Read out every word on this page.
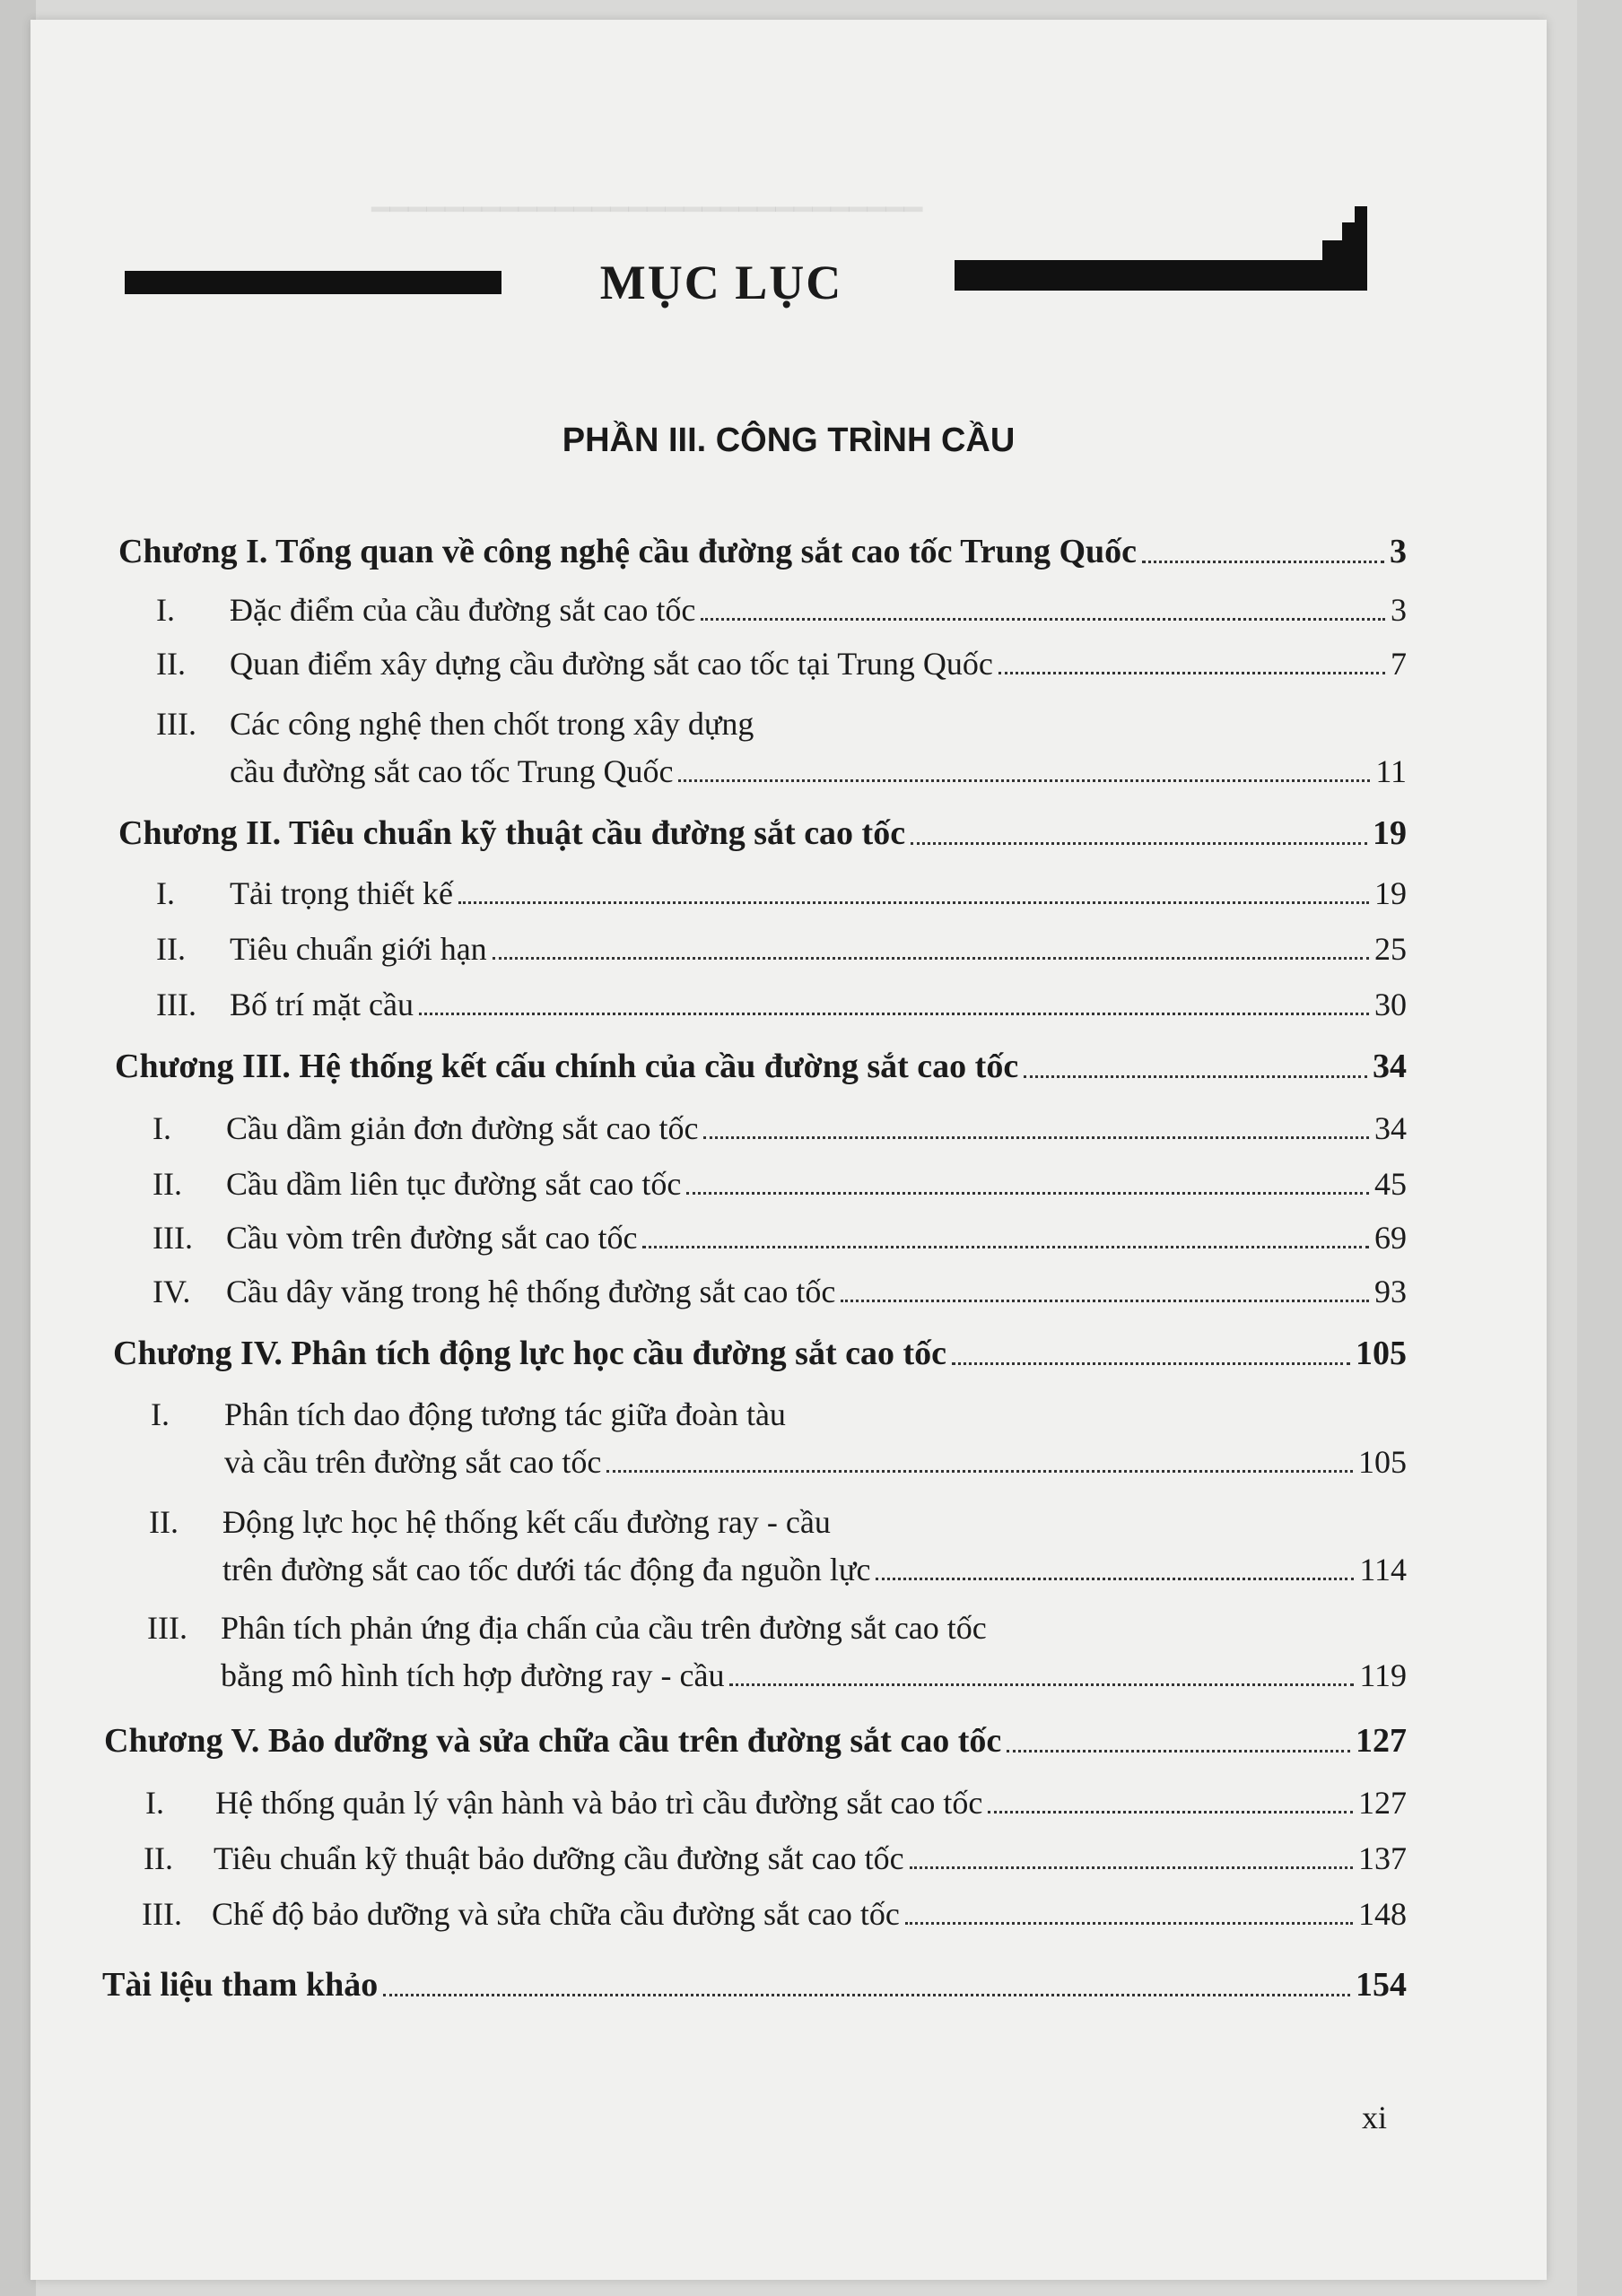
━━━━━━━━━━━━━━━━━━━━━━━━━━━━━━
MỤC LỤC
PHẦN III. CÔNG TRÌNH CẦU
Chương I. Tổng quan về công nghệ cầu đường sắt cao tốc Trung Quốc	3
I.	Đặc điểm của cầu đường sắt cao tốc	3
II.	Quan điểm xây dựng cầu đường sắt cao tốc tại Trung Quốc	7
III. Các công nghệ then chốt trong xây dựng
cầu đường sắt cao tốc Trung Quốc	11
Chương II. Tiêu chuẩn kỹ thuật cầu đường sắt cao tốc	19
I.	Tải trọng thiết kế	19
II.	Tiêu chuẩn giới hạn	25
III.	Bố trí mặt cầu	30
Chương III. Hệ thống kết cấu chính của cầu đường sắt cao tốc	34
I.	Cầu dầm giản đơn đường sắt cao tốc	34
II.	Cầu dầm liên tục đường sắt cao tốc	45
III.	Cầu vòm trên đường sắt cao tốc	69
IV.	Cầu dây văng trong hệ thống đường sắt cao tốc	93
Chương IV. Phân tích động lực học cầu đường sắt cao tốc	105
I. Phân tích dao động tương tác giữa đoàn tàu
và cầu trên đường sắt cao tốc	105
II. Động lực học hệ thống kết cấu đường ray - cầu
trên đường sắt cao tốc dưới tác động đa nguồn lực	114
III. Phân tích phản ứng địa chấn của cầu trên đường sắt cao tốc
bằng mô hình tích hợp đường ray - cầu	119
Chương V. Bảo dưỡng và sửa chữa cầu trên đường sắt cao tốc	127
I.	Hệ thống quản lý vận hành và bảo trì cầu đường sắt cao tốc	127
II.	Tiêu chuẩn kỹ thuật bảo dưỡng cầu đường sắt cao tốc	137
III. Chế độ bảo dưỡng và sửa chữa cầu đường sắt cao tốc	148
Tài liệu tham khảo	154
xi
